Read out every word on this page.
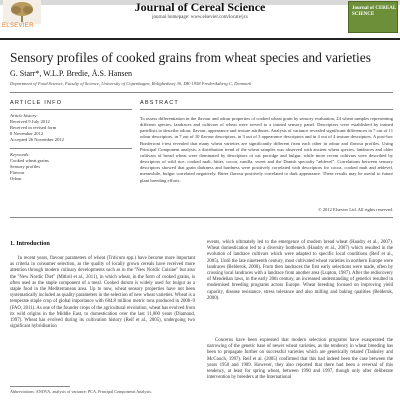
ELSEVIER
Journal of Cereal Science
journal homepage: www.elsevier.com/locate/jcs
Journal of CEREAL SCIENCE
Sensory profiles of cooked grains from wheat species and varieties
G. Starr*, W.L.P. Bredie, Å.S. Hansen
Department of Food Science, Faculty of Science, University of Copenhagen, Rolighedsvej 30, DK-1958 Frederiksberg C, Denmark
ARTICLE INFO	ABSTRACT
Article history:
Received 9 July 2012
Received in revised form
8 November 2012
Accepted 26 November 2012
Keywords:
Cooked wheat grains
Sensory profiles
Flavour
Odour
To assess differentiation in the flavour and odour properties of cooked wheat grain by sensory evaluation, 24 wheat samples representing different species, landraces and cultivars of wheat were served to a trained sensory panel. Descriptors were established by trained panellists to describe odour, flavour, appearance and texture attributes. Analysis of variance revealed significant differences in 7 out of 11 odour descriptors, in 7 out of 10 flavour descriptors, in 3 out of 3 appearance descriptors and in 4 out of 4 texture descriptors. A post-hoc Bonferroni t-test revealed that many wheat varieties are significantly different from each other in odour and flavour profiles. Using Principal Component analysis, a distribution trend of the wheat samples was observed with ancient wheat species, landraces and older cultivars of bread wheat were dominated by descriptors of oat porridge and bulgur, while more recent cultivars were described by descriptors of wild rice, cooked malt, bitter, cocoa, vanilla, sweet and the Danish specialty "æblevel". Correlations between sensory descriptors showed that grain darkness and hardness were positively correlated with descriptors for cocoa, cooked malt and æblevel, meanwhile, bulgur correlated negatively. Bitter flavour positively correlated to dark appearance. These results may be useful to future plant breeding efforts.
© 2012 Elsevier Ltd. All rights reserved.
1. Introduction
In recent years, flavour parameters of wheat (Triticum spp.) have become more important as criteria in consumer selection, as the quality of locally grown cereals have received more attention through modern culinary developments such as in the "New Nordic Cuisine" but also the "New Nordic Diet" (Mithril et al., 2011), in which wheat, in the form of cooked grains, is often used as the staple component of a meal. Cooked durum is widely used for bulgur as a staple food in the Mediterranean area. Up to now, wheat sensory properties have not been systematically included as quality parameters in the selection of new wheat varieties. Wheat is a temperate staple crop of global importance with 684.8 million metric tons produced in 2008–9 (FAO, 2011). As one of the founder crops of the agricultural revolution, wheat has evolved from its wild origins in the Middle East, to domestication over the last 11,000 years (Diamond, 1997). Wheat has evolved during its cultivation history (Reif et al., 2005), undergoing two significant hybridisation
Abbreviations: ANOVA, analysis of variance; PCA, Principal Components Analysis.
events, which ultimately led to the emergence of modern bread wheat (Haudry et al., 2007). Wheat domestication led to a diversity bottleneck (Haudry et al., 2007) which resulted in the evolution of landrace cultivars which were adapted to specific local conditions (Reif et al., 2005). Until the late nineteenth century, most cultivated wheat varieties in northern Europe were landraces (Belderok, 2000). From then landraces the first early selections were made, often by crossing local landraces with a landrace from another area (Lupton, 1987). After the rediscovery of Mendelian laws, in the early 20th century, an increased understanding of genetics resulted in modernised breeding programs across Europe. Wheat breeding focused on improving yield capacity, disease resistance, stress tolerance and also milling and baking qualities (Belderok, 2000).
Concerns have been expressed that modern selection programs have exasperated the narrowing of the genetic base of newer wheat varieties, as the tendency in wheat breeding has been to propagate further on successful varieties which are genetically related (Tanksley and McCouch, 1997). Reif et al. (2005) confirmed that this had indeed been the case between the years 1950 and 1989. However, they also reported that there had been a reversal of this tendency, at least for spring wheat, between 1990 and 1997, though only after deliberate intervention by breeders at the International
